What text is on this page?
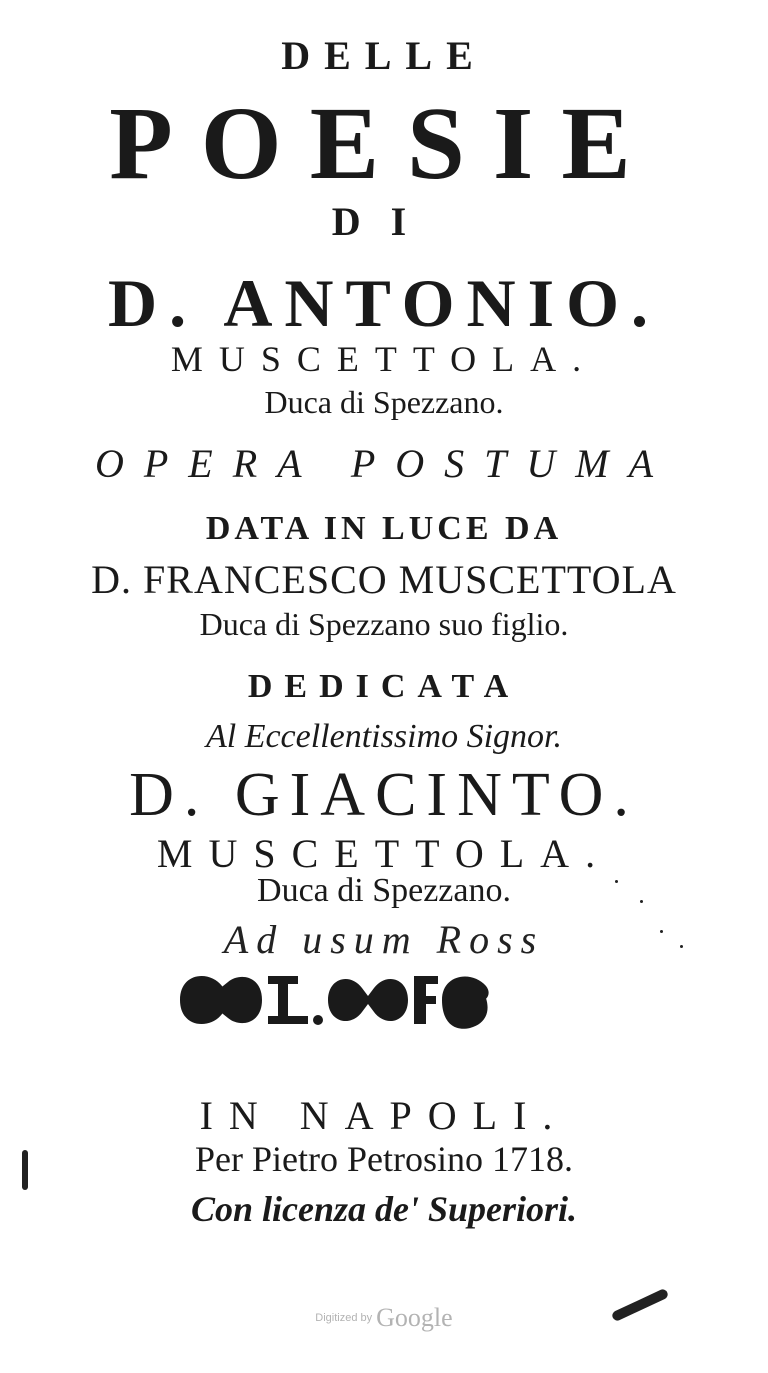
DELLE
POESIE
DI
D. ANTONIO.
MUSCETTOLA.
Duca di Spezzano.
OPERA POSTUMA
DATA IN LUCE DA
D. FRANCESCO MUSCETTOLA
Duca di Spezzano suo figlio.
DEDICATA
Al Eccellentissimo Signor.
D. GIACINTO.
MUSCETTOLA.
Duca di Spezzano.
Ad usum Ross
IN NAPOLI.
Per Pietro Petrosino 1718.
Con licenza de' Superiori.
Digitized by Google
